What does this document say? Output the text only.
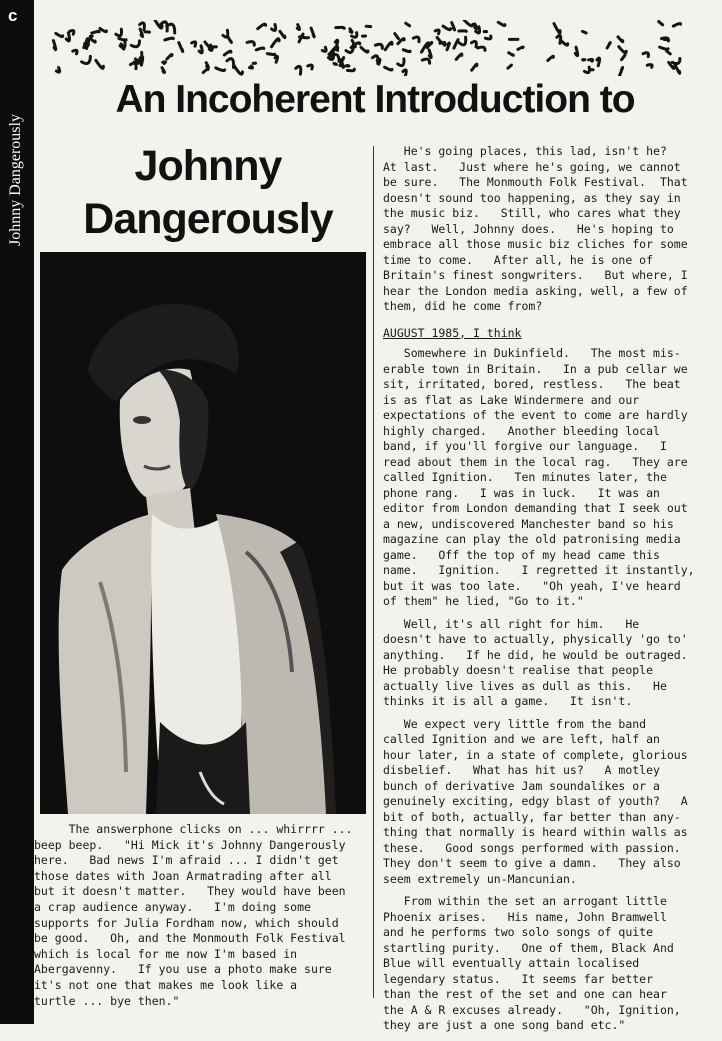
c
Johnny Dangerously
An Incoherent Introduction to
Johnny
Dangerously
The answerphone clicks on ... whirrrr ...
beep beep.   "Hi Mick it's Johnny Dangerously
here.   Bad news I'm afraid ... I didn't get
those dates with Joan Armatrading after all
but it doesn't matter.   They would have been
a crap audience anyway.   I'm doing some
supports for Julia Fordham now, which should
be good.   Oh, and the Monmouth Folk Festival
which is local for me now I'm based in
Abergavenny.   If you use a photo make sure
it's not one that makes me look like a
turtle ... bye then."

He's going places, this lad, isn't he?
At last.   Just where he's going, we cannot
be sure.   The Monmouth Folk Festival.  That
doesn't sound too happening, as they say in
the music biz.   Still, who cares what they
say?   Well, Johnny does.   He's hoping to
embrace all those music biz cliches for some
time to come.   After all, he is one of
Britain's finest songwriters.   But where, I
hear the London media asking, well, a few of
them, did he come from?

AUGUST 1985, I think

Somewhere in Dukinfield.   The most mis-
erable town in Britain.   In a pub cellar we
sit, irritated, bored, restless.   The beat
is as flat as Lake Windermere and our
expectations of the event to come are hardly
highly charged.   Another bleeding local
band, if you'll forgive our language.   I
read about them in the local rag.   They are
called Ignition.   Ten minutes later, the
phone rang.   I was in luck.   It was an
editor from London demanding that I seek out
a new, undiscovered Manchester band so his
magazine can play the old patronising media
game.   Off the top of my head came this
name.   Ignition.   I regretted it instantly,
but it was too late.   "Oh yeah, I've heard
of them" he lied, "Go to it."

Well, it's all right for him.   He
doesn't have to actually, physically 'go to'
anything.   If he did, he would be outraged.
He probably doesn't realise that people
actually live lives as dull as this.   He
thinks it is all a game.   It isn't.

We expect very little from the band
called Ignition and we are left, half an
hour later, in a state of complete, glorious
disbelief.   What has hit us?   A motley
bunch of derivative Jam soundalikes or a
genuinely exciting, edgy blast of youth?   A
bit of both, actually, far better than any-
thing that normally is heard within walls as
these.   Good songs performed with passion.
They don't seem to give a damn.   They also
seem extremely un-Mancunian.

From within the set an arrogant little
Phoenix arises.   His name, John Bramwell
and he performs two solo songs of quite
startling purity.   One of them, Black And
Blue will eventually attain localised
legendary status.   It seems far better
than the rest of the set and one can hear
the A & R excuses already.   "Oh, Ignition,
they are just a one song band etc."
